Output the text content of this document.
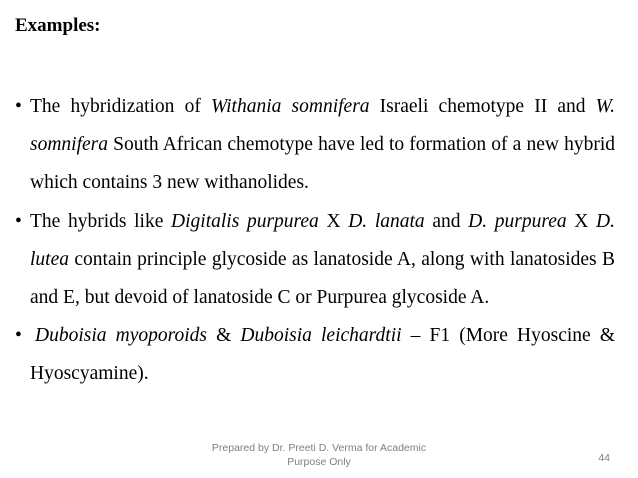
Examples:
• The hybridization of Withania somnifera Israeli chemotype II and W. somnifera South African chemotype have led to formation of a new hybrid which contains 3 new withanolides.
• The hybrids like Digitalis purpurea X D. lanata and D. purpurea X D. lutea contain principle glycoside as lanatoside A, along with lanatosides B and E, but devoid of lanatoside C or Purpurea glycoside A.
• Duboisia myoporoids & Duboisia leichardtii – F1 (More Hyoscine & Hyoscyamine).
Prepared by Dr. Preeti D. Verma for Academic Purpose Only	44
